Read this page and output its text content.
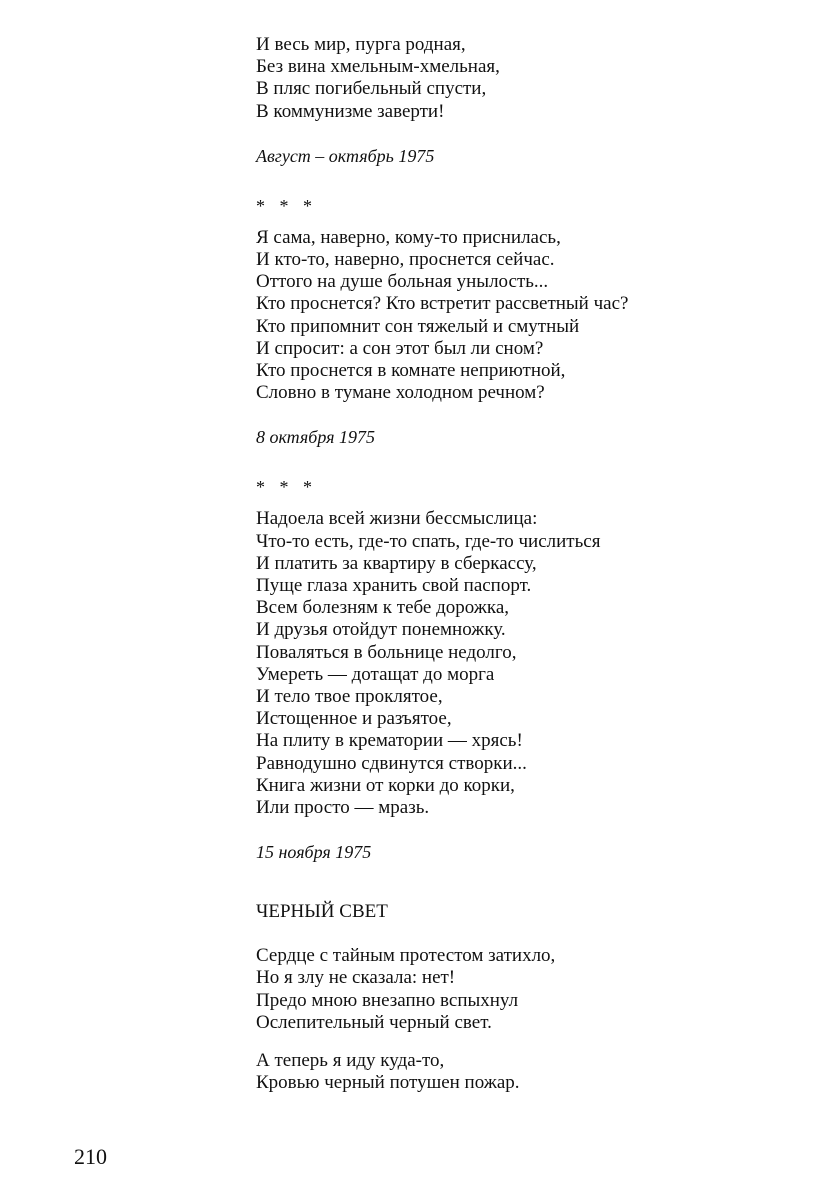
И весь мир, пурга родная,
Без вина хмельным-хмельная,
В пляс погибельный спусти,
В коммунизме заверти!
Август – октябрь 1975
* * *
Я сама, наверно, кому-то приснилась,
И кто-то, наверно, проснется сейчас.
Оттого на душе больная унылость...
Кто проснется? Кто встретит рассветный час?
Кто припомнит сон тяжелый и смутный
И спросит: а сон этот был ли сном?
Кто проснется в комнате неприютной,
Словно в тумане холодном речном?
8 октября 1975
* * *
Надоела всей жизни бессмыслица:
Что-то есть, где-то спать, где-то числиться
И платить за квартиру в сберкассу,
Пуще глаза хранить свой паспорт.
Всем болезням к тебе дорожка,
И друзья отойдут понемножку.
Поваляться в больнице недолго,
Умереть — дотащат до морга
И тело твое проклятое,
Истощенное и разъятое,
На плиту в крематории — хрясь!
Равнодушно сдвинутся створки...
Книга жизни от корки до корки,
Или просто — мразь.
15 ноября 1975
ЧЕРНЫЙ СВЕТ
Сердце с тайным протестом затихло,
Но я злу не сказала: нет!
Предо мною внезапно вспыхнул
Ослепительный черный свет.
А теперь я иду куда-то,
Кровью черный потушен пожар.
210
